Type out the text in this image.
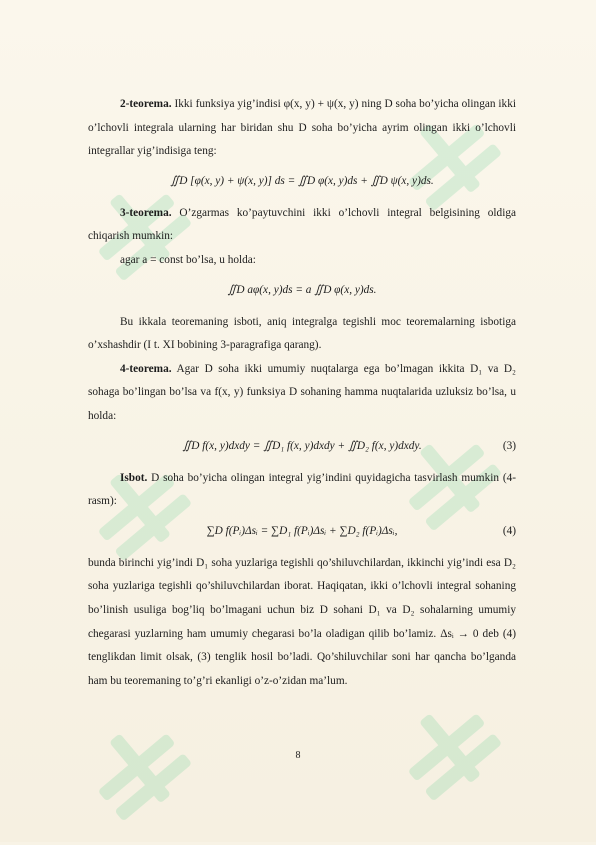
2-teorema. Ikki funksiya yig’indisi φ(x, y) + ψ(x, y) ning D soha bo’yicha olingan ikki o’lchovli integrala ularning har biridan shu D soha bo’yicha ayrim olingan ikki o’lchovli integrallar yig’indisiga teng:

∬D [φ(x, y) + ψ(x, y)] ds = ∬D φ(x, y)ds + ∬D ψ(x, y)ds.

3-teorema. O’zgarmas ko’paytuvchini ikki o’lchovli integral belgisining oldiga chiqarish mumkin:

agar a = const bo’lsa, u holda:

∬D aφ(x, y)ds = a ∬D φ(x, y)ds.

Bu ikkala teoremaning isboti, aniq integralga tegishli moc teoremalarning isbotiga o’xshashdir (I t. XI bobining 3-paragrafiga qarang).

4-teorema. Agar D soha ikki umumiy nuqtalarga ega bo’lmagan ikkita D₁ va D₂ sohaga bo’lingan bo’lsa va f(x, y) funksiya D sohaning hamma nuqtalarida uzluksiz bo’lsa, u holda:

∬D f(x, y)dxdy = ∬D₁ f(x, y)dxdy + ∬D₂ f(x, y)dxdy.	(3)

Isbot. D soha bo’yicha olingan integral yig’indini quyidagicha tasvirlash mumkin (4-rasm):

∑D f(Pᵢ)Δsᵢ = ∑D₁ f(Pᵢ)Δsᵢ + ∑D₂ f(Pᵢ)Δsᵢ,	(4)

bunda birinchi yig’indi D₁ soha yuzlariga tegishli qo’shiluvchilardan, ikkinchi yig’indi esa D₂ soha yuzlariga tegishli qo’shiluvchilardan iborat. Haqiqatan, ikki o’lchovli integral sohaning bo’linish usuliga bog’liq bo’lmagani uchun biz D sohani D₁ va D₂ sohalarning umumiy chegarasi yuzlarning ham umumiy chegarasi bo’la oladigan qilib bo’lamiz. Δsᵢ → 0 deb (4) tenglikdan limit olsak, (3) tenglik hosil bo’ladi. Qo’shiluvchilar soni har qancha bo’lganda ham bu teoremaning to’g’ri ekanligi o’z-o’zidan ma’lum.

8
